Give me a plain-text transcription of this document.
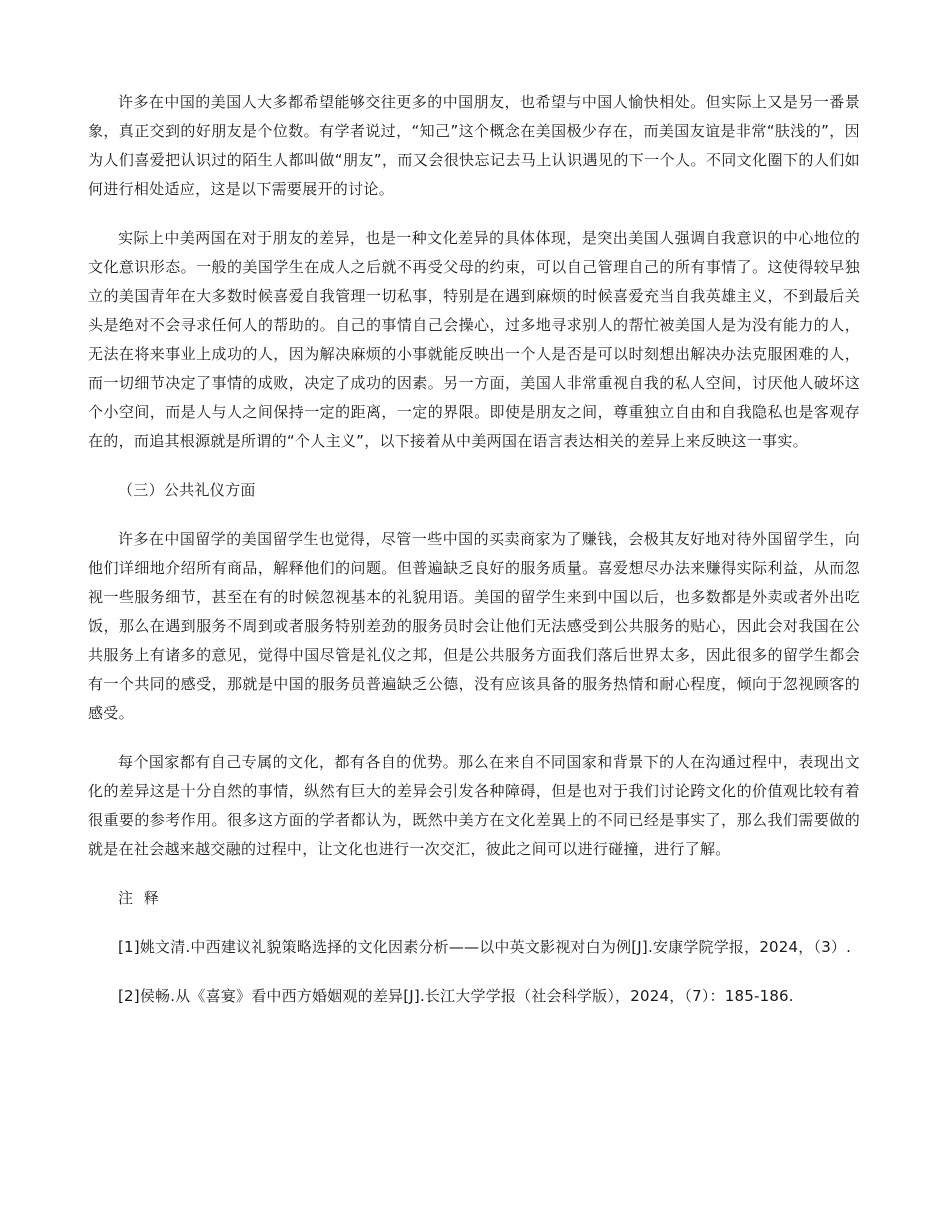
许多在中国的美国人大多都希望能够交往更多的中国朋友，也希望与中国人愉快相处。但实际上又是另一番景象，真正交到的好朋友是个位数。有学者说过，“知己”这个概念在美国极少存在，而美国友谊是非常“肤浅的”，因为人们喜爱把认识过的陌生人都叫做“朋友”，而又会很快忘记去马上认识遇见的下一个人。不同文化圈下的人们如何进行相处适应，这是以下需要展开的讨论。

实际上中美两国在对于朋友的差异，也是一种文化差异的具体体现，是突出美国人强调自我意识的中心地位的文化意识形态。一般的美国学生在成人之后就不再受父母的约束，可以自己管理自己的所有事情了。这使得较早独立的美国青年在大多数时候喜爱自我管理一切私事，特别是在遇到麻烦的时候喜爱充当自我英雄主义，不到最后关头是绝对不会寻求任何人的帮助的。自己的事情自己会操心，过多地寻求别人的帮忙被美国人是为没有能力的人，无法在将来事业上成功的人，因为解决麻烦的小事就能反映出一个人是否是可以时刻想出解决办法克服困难的人，而一切细节决定了事情的成败，决定了成功的因素。另一方面，美国人非常重视自我的私人空间，讨厌他人破坏这个小空间，而是人与人之间保持一定的距离，一定的界限。即使是朋友之间，尊重独立自由和自我隐私也是客观存在的，而追其根源就是所谓的“个人主义”，以下接着从中美两国在语言表达相关的差异上来反映这一事实。

（三）公共礼仪方面

许多在中国留学的美国留学生也觉得，尽管一些中国的买卖商家为了赚钱，会极其友好地对待外国留学生，向他们详细地介绍所有商品，解释他们的问题。但普遍缺乏良好的服务质量。喜爱想尽办法来赚得实际利益，从而忽视一些服务细节，甚至在有的时候忽视基本的礼貌用语。美国的留学生来到中国以后，也多数都是外卖或者外出吃饭，那么在遇到服务不周到或者服务特别差劲的服务员时会让他们无法感受到公共服务的贴心，因此会对我国在公共服务上有诸多的意见，觉得中国尽管是礼仪之邦，但是公共服务方面我们落后世界太多，因此很多的留学生都会有一个共同的感受，那就是中国的服务员普遍缺乏公德，没有应该具备的服务热情和耐心程度，倾向于忽视顾客的感受。

每个国家都有自己专属的文化，都有各自的优势。那么在来自不同国家和背景下的人在沟通过程中，表现出文化的差异这是十分自然的事情，纵然有巨大的差异会引发各种障碍，但是也对于我们讨论跨文化的价值观比较有着很重要的参考作用。很多这方面的学者都认为，既然中美方在文化差異上的不同已经是事实了，那么我们需要做的就是在社会越来越交融的过程中，让文化也进行一次交汇，彼此之间可以进行碰撞，进行了解。

注 释

[1]姚文清.中西建议礼貌策略选择的文化因素分析——以中英文影视对白为例[J].安康学院学报，2024，（3）.

[2]侯畅.从《喜宴》看中西方婚姻观的差异[J].长江大学学报（社会科学版），2024，（7）：185-186.
